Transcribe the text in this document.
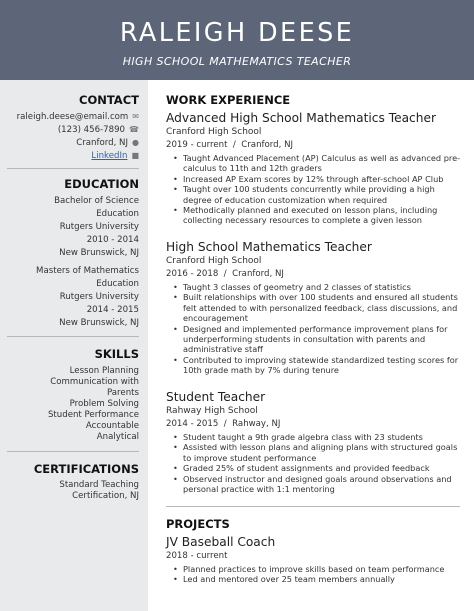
RALEIGH DEESE
HIGH SCHOOL MATHEMATICS TEACHER
CONTACT
raleigh.deese@email.com ✉
(123) 456-7890 ☎
Cranford, NJ ●
LinkedIn ■
EDUCATION
Bachelor of Science
Education
Rutgers University
2010 - 2014
New Brunswick, NJ
Masters of Mathematics
Education
Rutgers University
2014 - 2015
New Brunswick, NJ
SKILLS
Lesson Planning
Communication with
Parents
Problem Solving
Student Performance
Accountable
Analytical
CERTIFICATIONS
Standard Teaching
Certification, NJ
WORK EXPERIENCE
Advanced High School Mathematics Teacher
Cranford High School
2019 - current  /  Cranford, NJ
• Taught Advanced Placement (AP) Calculus as well as advanced pre-calculus to 11th and 12th graders
• Increased AP Exam scores by 12% through after-school AP Club
• Taught over 100 students concurrently while providing a high degree of education customization when required
• Methodically planned and executed on lesson plans, including collecting necessary resources to complete a given lesson
High School Mathematics Teacher
Cranford High School
2016 - 2018  /  Cranford, NJ
• Taught 3 classes of geometry and 2 classes of statistics
• Built relationships with over 100 students and ensured all students felt attended to with personalized feedback, class discussions, and encouragement
• Designed and implemented performance improvement plans for underperforming students in consultation with parents and administrative staff
• Contributed to improving statewide standardized testing scores for 10th grade math by 7% during tenure
Student Teacher
Rahway High School
2014 - 2015  /  Rahway, NJ
• Student taught a 9th grade algebra class with 23 students
• Assisted with lesson plans and aligning plans with structured goals to improve student performance
• Graded 25% of student assignments and provided feedback
• Observed instructor and designed goals around observations and personal practice with 1:1 mentoring
PROJECTS
JV Baseball Coach
2018 - current
• Planned practices to improve skills based on team performance
• Led and mentored over 25 team members annually
